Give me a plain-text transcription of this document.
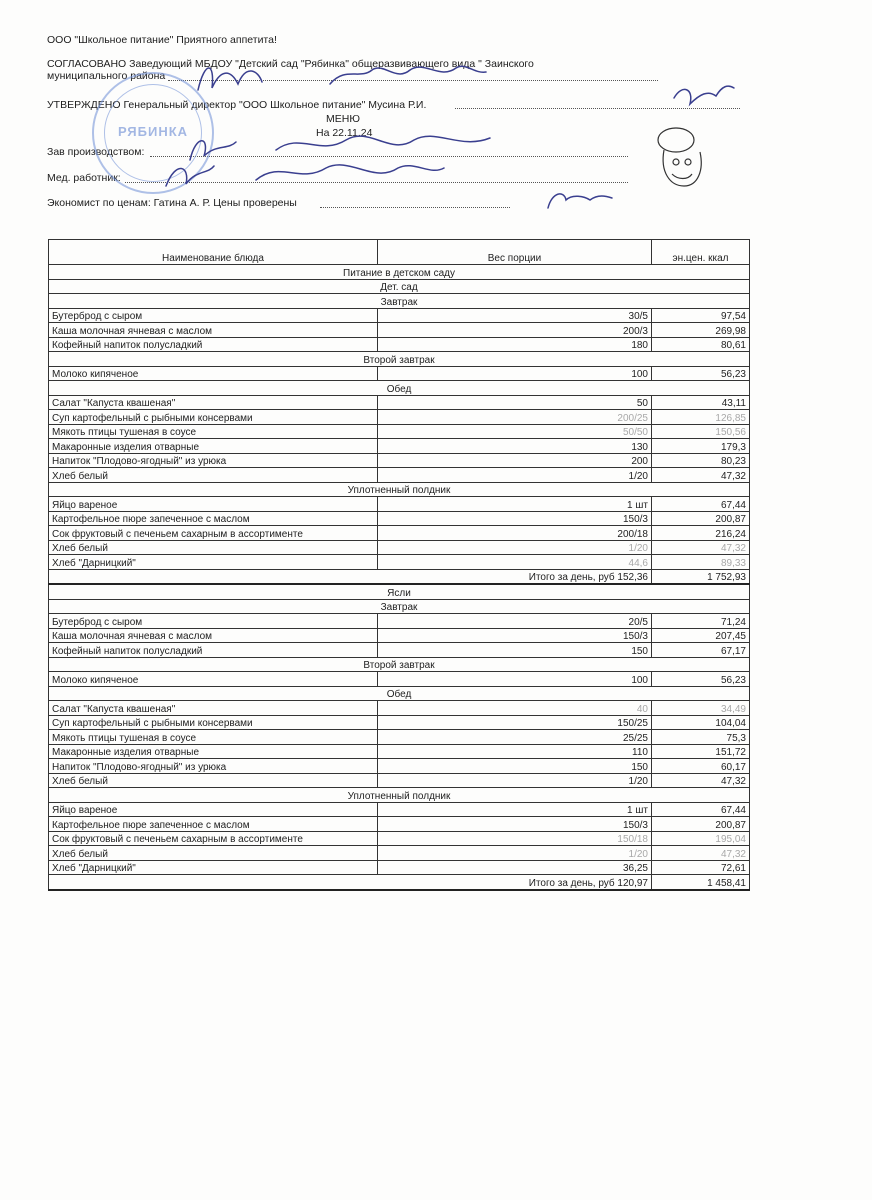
ООО "Школьное питание" Приятного аппетита!
СОГЛАСОВАНО Заведующий МБДОУ "Детский сад "Рябинка" общеразвивающего вида " Заинского
муниципального района
УТВЕРЖДЕНО Генеральный директор "ООО Школьное питание" Мусина Р.И.
МЕНЮ
На 22.11.24
Зав производством:
Мед. работник:
Экономист по ценам: Гатина А. Р. Цены проверены
РЯБИНКА
Наименование блюда	Вес порции	эн.цен. ккал
Питание в детском саду		
Дет. сад		
Завтрак		
Бутерброд с сыром	30/5	97,54
Каша молочная ячневая с маслом	200/3	269,98
Кофейный напиток полусладкий	180	80,61
Второй завтрак		
Молоко кипяченое	100	56,23
Обед		
Салат "Капуста квашеная"	50	43,11
Суп картофельный с рыбными консервами	200/25	126,85
Мякоть птицы тушеная в соусе	50/50	150,56
Макаронные изделия отварные	130	179,3
Напиток "Плодово-ягодный" из урюка	200	80,23
Хлеб белый	1/20	47,32
Уплотненный полдник		
Яйцо вареное	1 шт	67,44
Картофельное пюре запеченное с маслом	150/3	200,87
Сок фруктовый с печеньем сахарным в ассортименте	200/18	216,24
Хлеб белый	1/20	47,32
Хлеб "Дарницкий"	44,6	89,33
Итого за день, руб 152,36		1 752,93
Ясли		
Завтрак		
Бутерброд с сыром	20/5	71,24
Каша молочная ячневая с маслом	150/3	207,45
Кофейный напиток полусладкий	150	67,17
Второй завтрак		
Молоко кипяченое	100	56,23
Обед		
Салат "Капуста квашеная"	40	34,49
Суп картофельный с рыбными консервами	150/25	104,04
Мякоть птицы тушеная в соусе	25/25	75,3
Макаронные изделия отварные	110	151,72
Напиток "Плодово-ягодный" из урюка	150	60,17
Хлеб белый	1/20	47,32
Уплотненный полдник		
Яйцо вареное	1 шт	67,44
Картофельное пюре запеченное с маслом	150/3	200,87
Сок фруктовый с печеньем сахарным в ассортименте	150/18	195,04
Хлеб белый	1/20	47,32
Хлеб "Дарницкий"	36,25	72,61
Итого за день, руб 120,97		1 458,41
